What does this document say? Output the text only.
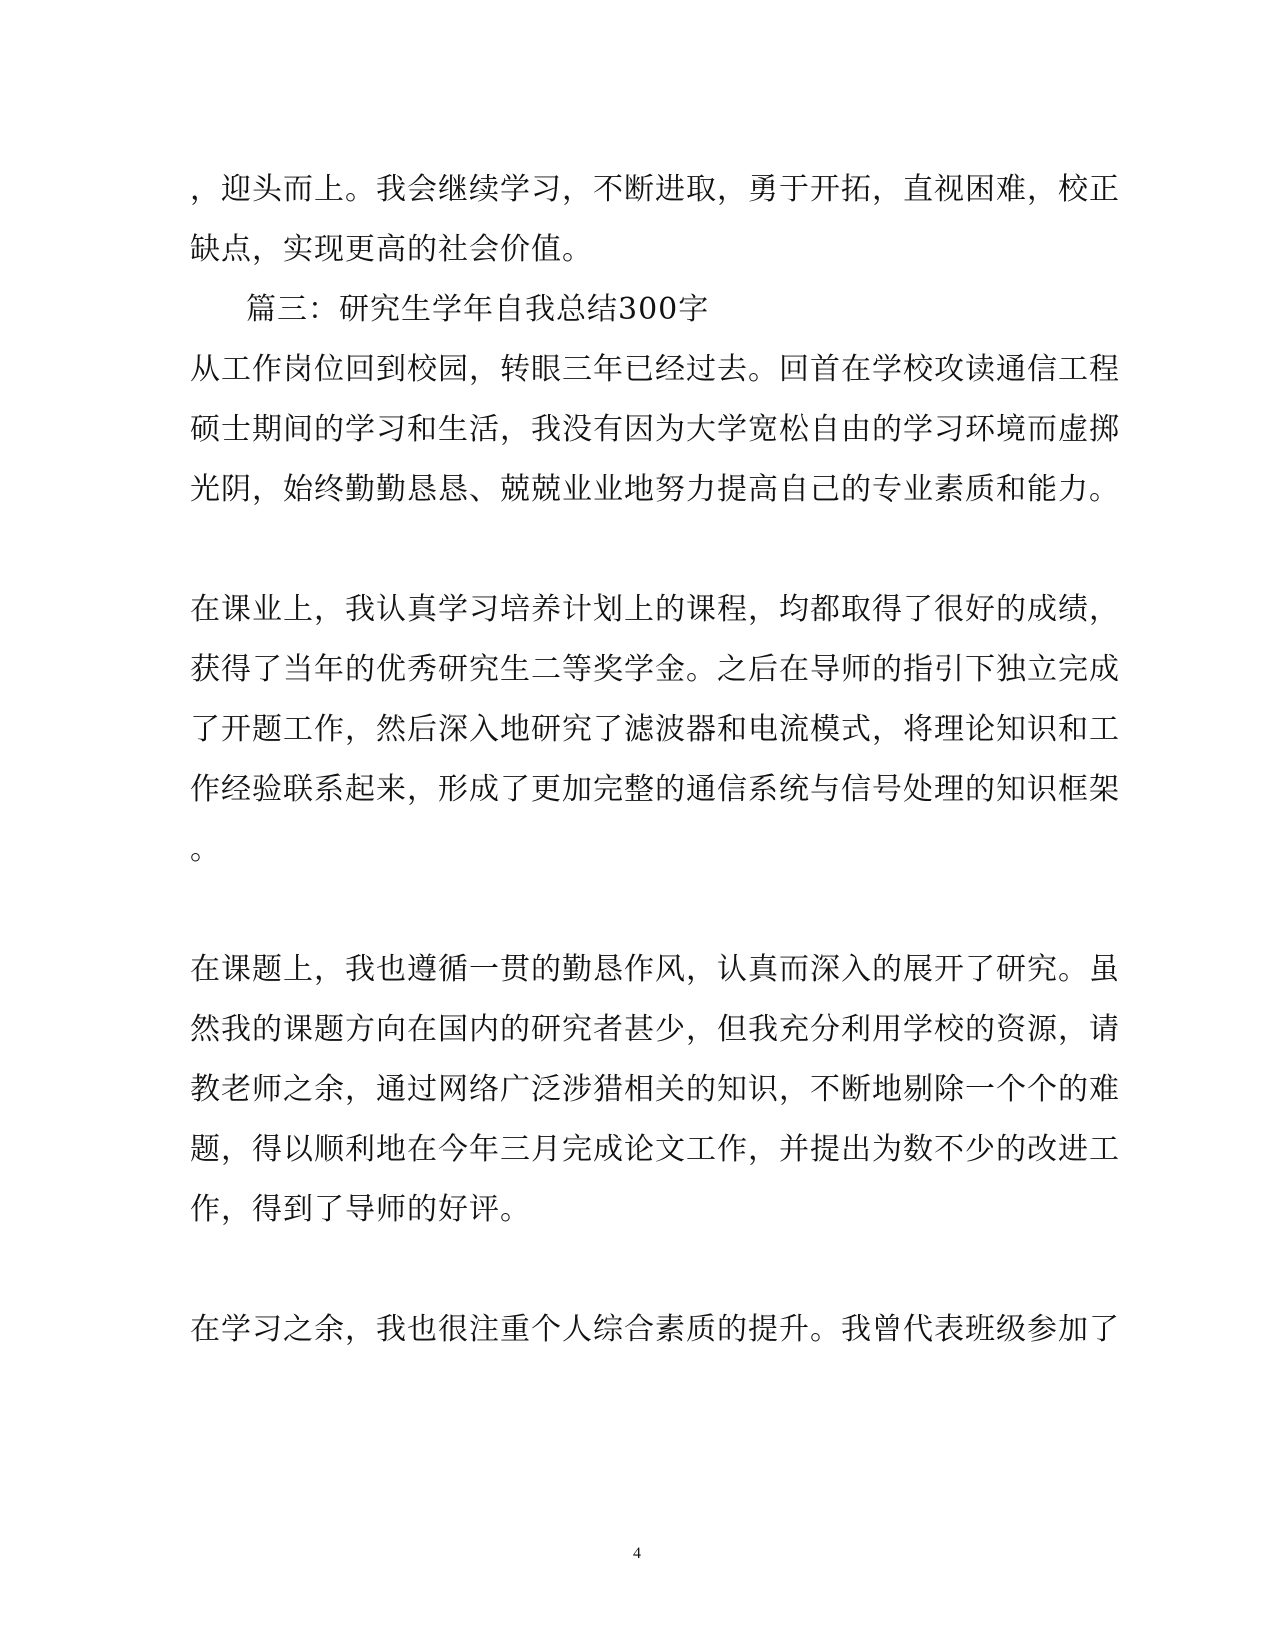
，迎头而上。我会继续学习，不断进取，勇于开拓，直视困难，校正
缺点，实现更高的社会价值。
篇三：研究生学年自我总结300字
从工作岗位回到校园，转眼三年已经过去。回首在学校攻读通信工程
硕士期间的学习和生活，我没有因为大学宽松自由的学习环境而虚掷
光阴，始终勤勤恳恳、兢兢业业地努力提高自己的专业素质和能力。
在课业上，我认真学习培养计划上的课程，均都取得了很好的成绩，
获得了当年的优秀研究生二等奖学金。之后在导师的指引下独立完成
了开题工作，然后深入地研究了滤波器和电流模式，将理论知识和工
作经验联系起来，形成了更加完整的通信系统与信号处理的知识框架
。
在课题上，我也遵循一贯的勤恳作风，认真而深入的展开了研究。虽
然我的课题方向在国内的研究者甚少，但我充分利用学校的资源，请
教老师之余，通过网络广泛涉猎相关的知识，不断地剔除一个个的难
题，得以顺利地在今年三月完成论文工作，并提出为数不少的改进工
作，得到了导师的好评。
在学习之余，我也很注重个人综合素质的提升。我曾代表班级参加了
4
